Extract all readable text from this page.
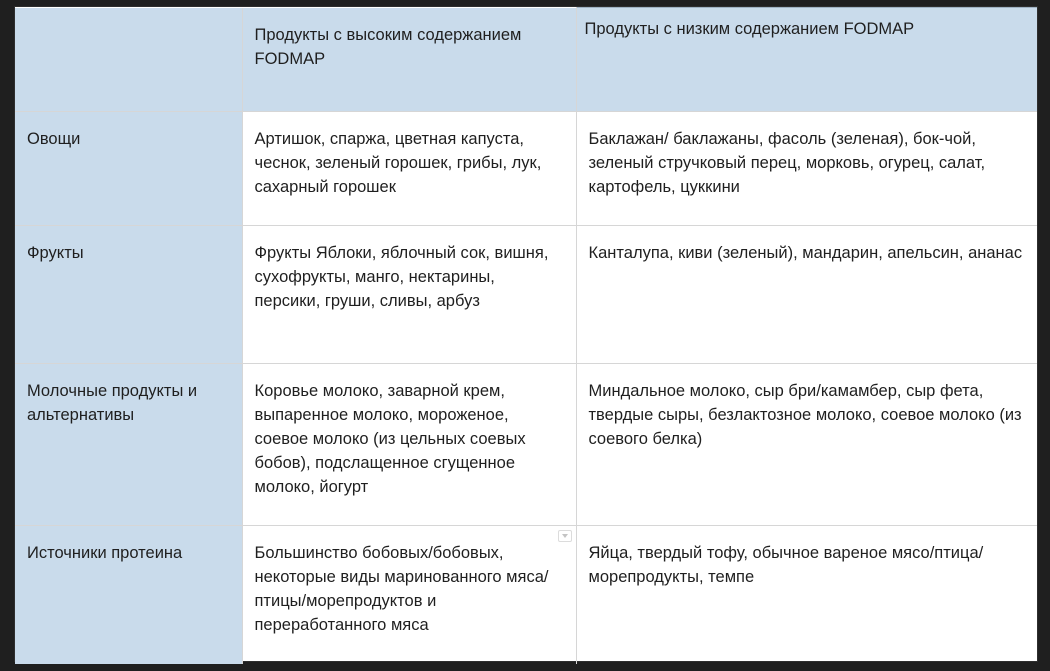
	Продукты с высоким содержанием FODMAP	Продукты с низким содержанием FODMAP

Овощи	Артишок, спаржа, цветная капуста, чеснок, зеленый горошек, грибы, лук, сахарный горошек	Баклажан/ баклажаны, фасоль (зеленая), бок-чой, зеленый стручковый перец, морковь, огурец, салат, картофель, цуккини

Фрукты	Фрукты Яблоки, яблочный сок, вишня, сухофрукты, манго, нектарины, персики, груши, сливы, арбуз	Канталупа, киви (зеленый), мандарин, апельсин, ананас

Молочные продукты и альтернативы	Коровье молоко, заварной крем, выпаренное молоко, мороженое, соевое молоко (из цельных соевых бобов), подслащенное сгущенное молоко, йогурт	Миндальное молоко, сыр бри/камамбер, сыр фета, твердые сыры, безлактозное молоко, соевое молоко (из соевого белка)

Источники протеина	Большинство бобовых/бобовых, некоторые виды маринованного мяса/птицы/морепродуктов и переработанного мяса	Яйца, твердый тофу, обычное вареное мясо/птица/морепродукты, темпе
